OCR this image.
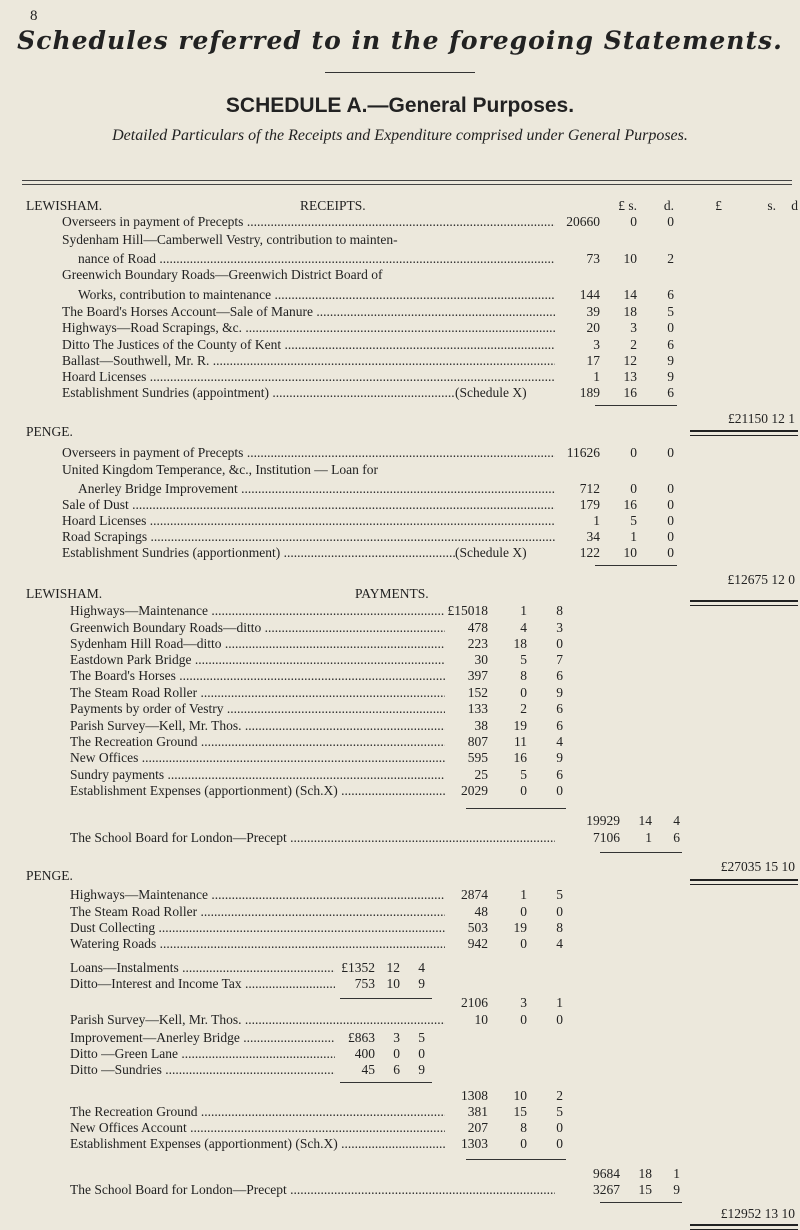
8
Schedules referred to in the foregoing Statements.
SCHEDULE A.—General Purposes.
Detailed Particulars of the Receipts and Expenditure comprised under General Purposes.
LEWISHAM.	RECEIPTS.	£ s.	d.	£	s.	d
Overseers in payment of Precepts .....	20660	0	0
Sydenham Hill—Camberwell Vestry, contribution to mainten-
nance of Road .....	73	10	2
Greenwich Boundary Roads—Greenwich District Board of
Works, contribution to maintenance .....	144	14	6
The Board's Horses Account—Sale of Manure .....	39	18	5
Highways—Road Scrapings, &c. .....	20	3	0
Ditto The Justices of the County of Kent .....	3	2	6
Ballast—Southwell, Mr. R. .....	17	12	9
Hoard Licenses .....	1	13	9
Establishment Sundries (appointment) .....	(Schedule X)	189	16	6
£21150 12 1
PENGE.
Overseers in payment of Precepts .....	11626	0	0
United Kingdom Temperance, &c., Institution — Loan for
Anerley Bridge Improvement .....	712	0	0
Sale of Dust .....	179	16	0
Hoard Licenses .....	1	5	0
Road Scrapings .....	34	1	0
Establishment Sundries (apportionment) .....	(Schedule X)	122	10	0
£12675 12 0
LEWISHAM.	PAYMENTS.
Highways—Maintenance .....	£15018	1	8
Greenwich Boundary Roads—ditto .....	478	4	3
Sydenham Hill Road—ditto .....	223	18	0
Eastdown Park Bridge .....	30	5	7
The Board's Horses .....	397	8	6
The Steam Road Roller .....	152	0	9
Payments by order of Vestry .....	133	2	6
Parish Survey—Kell, Mr. Thos. .....	38	19	6
The Recreation Ground .....	807	11	4
New Offices .....	595	16	9
Sundry payments .....	25	5	6
Establishment Expenses (apportionment) (Sch.X) .....	2029	0	0
19929	14	4
The School Board for London—Precept .....	7106	1	6
£27035 15 10
PENGE.
Highways—Maintenance .....	2874	1	5
The Steam Road Roller .....	48	0	0
Dust Collecting .....	503	19	8
Watering Roads .....	942	0	4
Loans—Instalments .....	£1352 12	4
Ditto—Interest and Income Tax .....	753 10	9
2106	3	1
Parish Survey—Kell, Mr. Thos. .....	10	0	0
Improvement—Anerley Bridge .....	£863	3	5
Ditto —Green Lane .....	400	0	0
Ditto —Sundries .....	45	6	9
1308	10	2
The Recreation Ground .....	381	15	5
New Offices Account .....	207	8	0
Establishment Expenses (apportionment) (Sch.X) .....	1303	0	0
9684	18	1
The School Board for London—Precept .....	3267	15	9
£12952 13 10
